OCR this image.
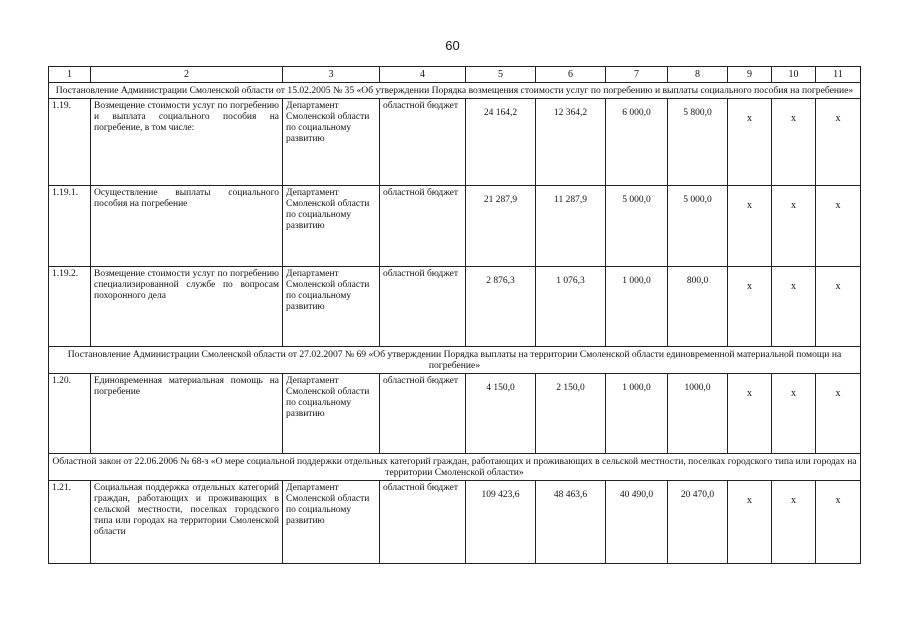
60
1	2	3	4	5	6	7	8	9	10	11
Постановление Администрации Смоленской области от 15.02.2005 № 35 «Об утверждении Порядка возмещения стоимости услуг по погребению и выплаты социального пособия на погребение»										
1.19.	Возмещение стоимости услуг по погребению и выплата социального пособия на погребение, в том числе:	Департамент Смоленской области по социальному развитию	областной бюджет	24 164,2	12 364,2	6 000,0	5 800,0	х	х	х
1.19.1.	Осуществление выплаты социального пособия на погребение	Департамент Смоленской области по социальному развитию	областной бюджет	21 287,9	11 287,9	5 000,0	5 000,0	х	х	х
1.19.2.	Возмещение стоимости услуг по погребению специализированной службе по вопросам похоронного дела	Департамент Смоленской области по социальному развитию	областной бюджет	2 876,3	1 076,3	1 000,0	800,0	х	х	х
Постановление Администрации Смоленской области от 27.02.2007 № 69 «Об утверждении Порядка выплаты на территории Смоленской области единовременной материальной помощи на погребение»										
1.20.	Единовременная материальная помощь на погребение	Департамент Смоленской области по социальному развитию	областной бюджет	4 150,0	2 150,0	1 000,0	1000,0	х	х	х
Областной закон от 22.06.2006 № 68-з «О мере социальной поддержки отдельных категорий граждан, работающих и проживающих в сельской местности, поселках городского типа или городах на территории Смоленской области»										
1.21.	Социальная поддержка отдельных категорий граждан, работающих и проживающих в сельской местности, поселках городского типа или городах на территории Смоленской области	Департамент Смоленской области по социальному развитию	областной бюджет	109 423,6	48 463,6	40 490,0	20 470,0	х	х	х
